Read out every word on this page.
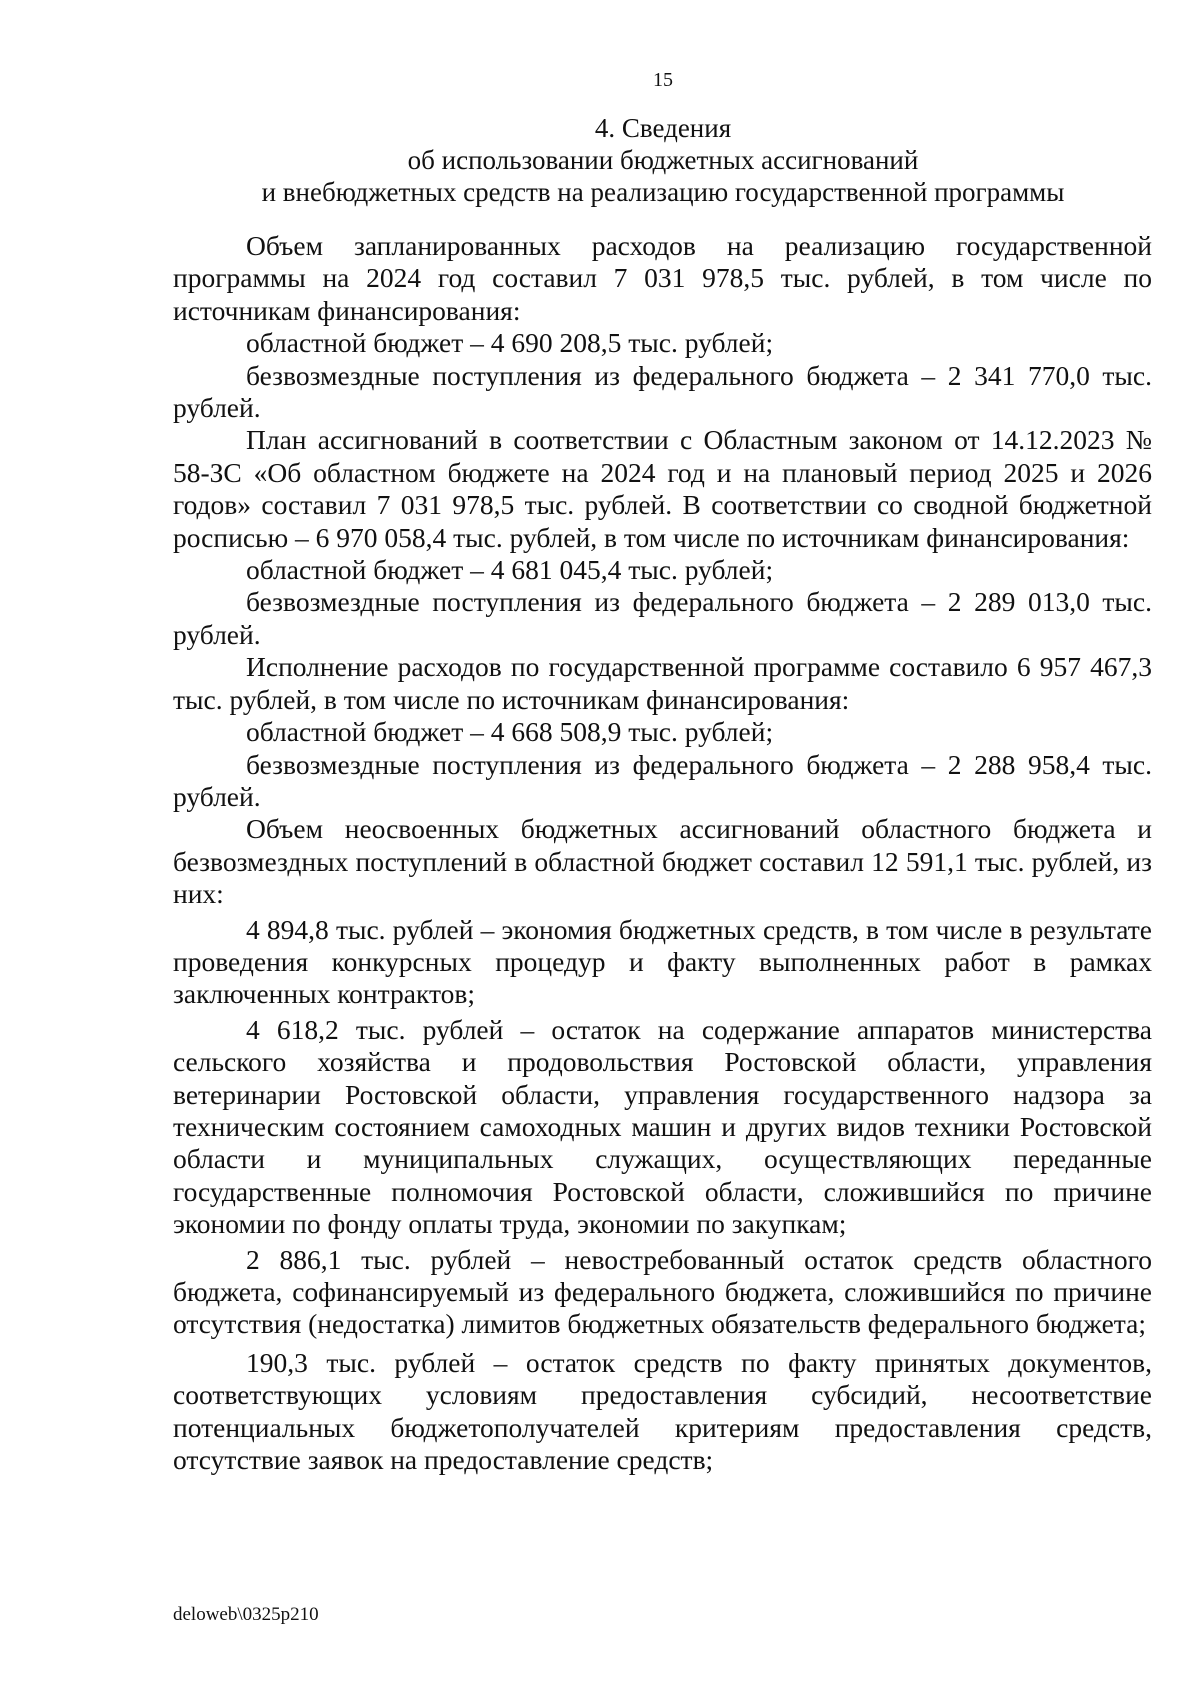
15
4. Сведения
об использовании бюджетных ассигнований
и внебюджетных средств на реализацию государственной программы

Объем запланированных расходов на реализацию государственной программы на 2024 год составил 7 031 978,5 тыс. рублей, в том числе по источникам финансирования:

областной бюджет – 4 690 208,5 тыс. рублей;

безвозмездные поступления из федерального бюджета – 2 341 770,0 тыс. рублей.

План ассигнований в соответствии с Областным законом от 14.12.2023 № 58-ЗС «Об областном бюджете на 2024 год и на плановый период 2025 и 2026 годов» составил 7 031 978,5 тыс. рублей. В соответствии со сводной бюджетной росписью – 6 970 058,4 тыс. рублей, в том числе по источникам финансирования:

областной бюджет – 4 681 045,4 тыс. рублей;

безвозмездные поступления из федерального бюджета – 2 289 013,0 тыс. рублей.

Исполнение расходов по государственной программе составило 6 957 467,3 тыс. рублей, в том числе по источникам финансирования:

областной бюджет – 4 668 508,9 тыс. рублей;

безвозмездные поступления из федерального бюджета – 2 288 958,4 тыс. рублей.

Объем неосвоенных бюджетных ассигнований областного бюджета и безвозмездных поступлений в областной бюджет составил 12 591,1 тыс. рублей, из них:

4 894,8 тыс. рублей – экономия бюджетных средств, в том числе в результате проведения конкурсных процедур и факту выполненных работ в рамках заключенных контрактов;

4 618,2 тыс. рублей – остаток на содержание аппаратов министерства сельского хозяйства и продовольствия Ростовской области, управления ветеринарии Ростовской области, управления государственного надзора за техническим состоянием самоходных машин и других видов техники Ростовской области и муниципальных служащих, осуществляющих переданные государственные полномочия Ростовской области, сложившийся по причине экономии по фонду оплаты труда, экономии по закупкам;

2 886,1 тыс. рублей – невостребованный остаток средств областного бюджета, софинансируемый из федерального бюджета, сложившийся по причине отсутствия (недостатка) лимитов бюджетных обязательств федерального бюджета;

190,3 тыс. рублей – остаток средств по факту принятых документов, соответствующих условиям предоставления субсидий, несоответствие потенциальных бюджетополучателей критериям предоставления средств, отсутствие заявок на предоставление средств;

deloweb\0325p210
